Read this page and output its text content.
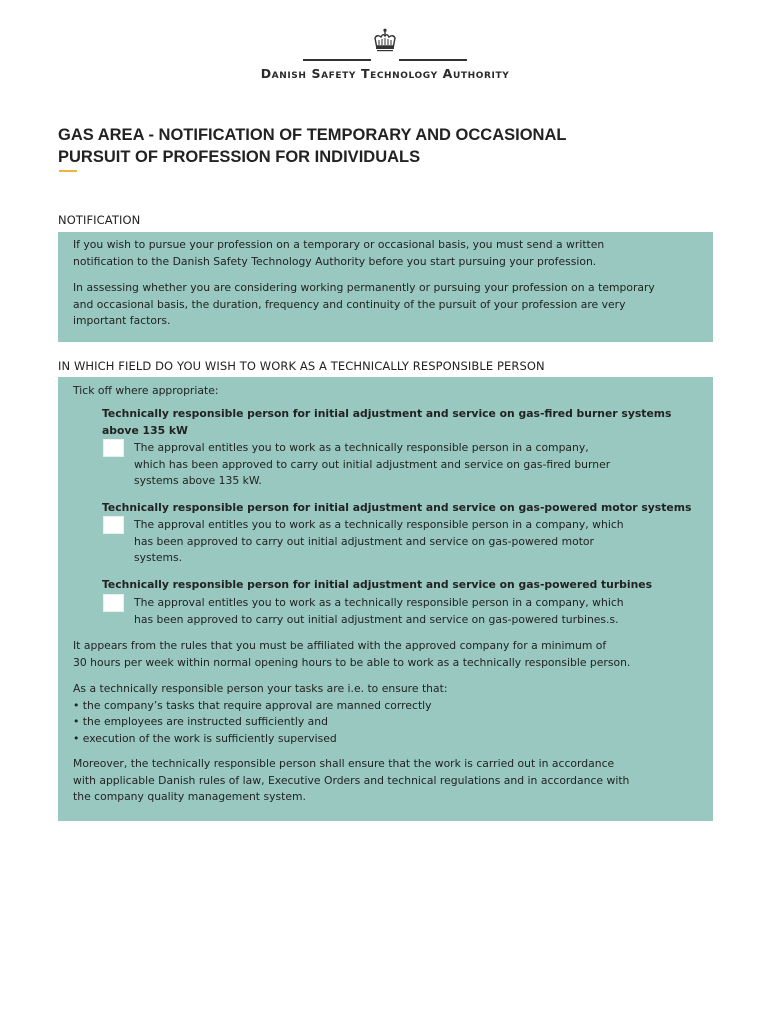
Danish Safety Technology Authority
GAS AREA - NOTIFICATION OF TEMPORARY AND OCCASIONAL
PURSUIT OF PROFESSION FOR INDIVIDUALS
NOTIFICATION
If you wish to pursue your profession on a temporary or occasional basis, you must send a written
notification to the Danish Safety Technology Authority before you start pursuing your profession.
In assessing whether you are considering working permanently or pursuing your profession on a temporary
and occasional basis, the duration, frequency and continuity of the pursuit of your profession are very
important factors.
IN WHICH FIELD DO YOU WISH TO WORK AS A TECHNICALLY RESPONSIBLE PERSON
Tick off where appropriate:
Technically responsible person for initial adjustment and service on gas-fired burner systems
above 135 kW
The approval entitles you to work as a technically responsible person in a company,
which has been approved to carry out initial adjustment and service on gas-fired burner
systems above 135 kW.
Technically responsible person for initial adjustment and service on gas-powered motor systems
The approval entitles you to work as a technically responsible person in a company, which
has been approved to carry out initial adjustment and service on gas-powered motor
systems.
Technically responsible person for initial adjustment and service on gas-powered turbines
The approval entitles you to work as a technically responsible person in a company, which
has been approved to carry out initial adjustment and service on gas-powered turbines.s.
It appears from the rules that you must be affiliated with the approved company for a minimum of
30 hours per week within normal opening hours to be able to work as a technically responsible person.
As a technically responsible person your tasks are i.e. to ensure that:
• the company’s tasks that require approval are manned correctly
• the employees are instructed sufficiently and
• execution of the work is sufficiently supervised
Moreover, the technically responsible person shall ensure that the work is carried out in accordance
with applicable Danish rules of law, Executive Orders and technical regulations and in accordance with
the company quality management system.
